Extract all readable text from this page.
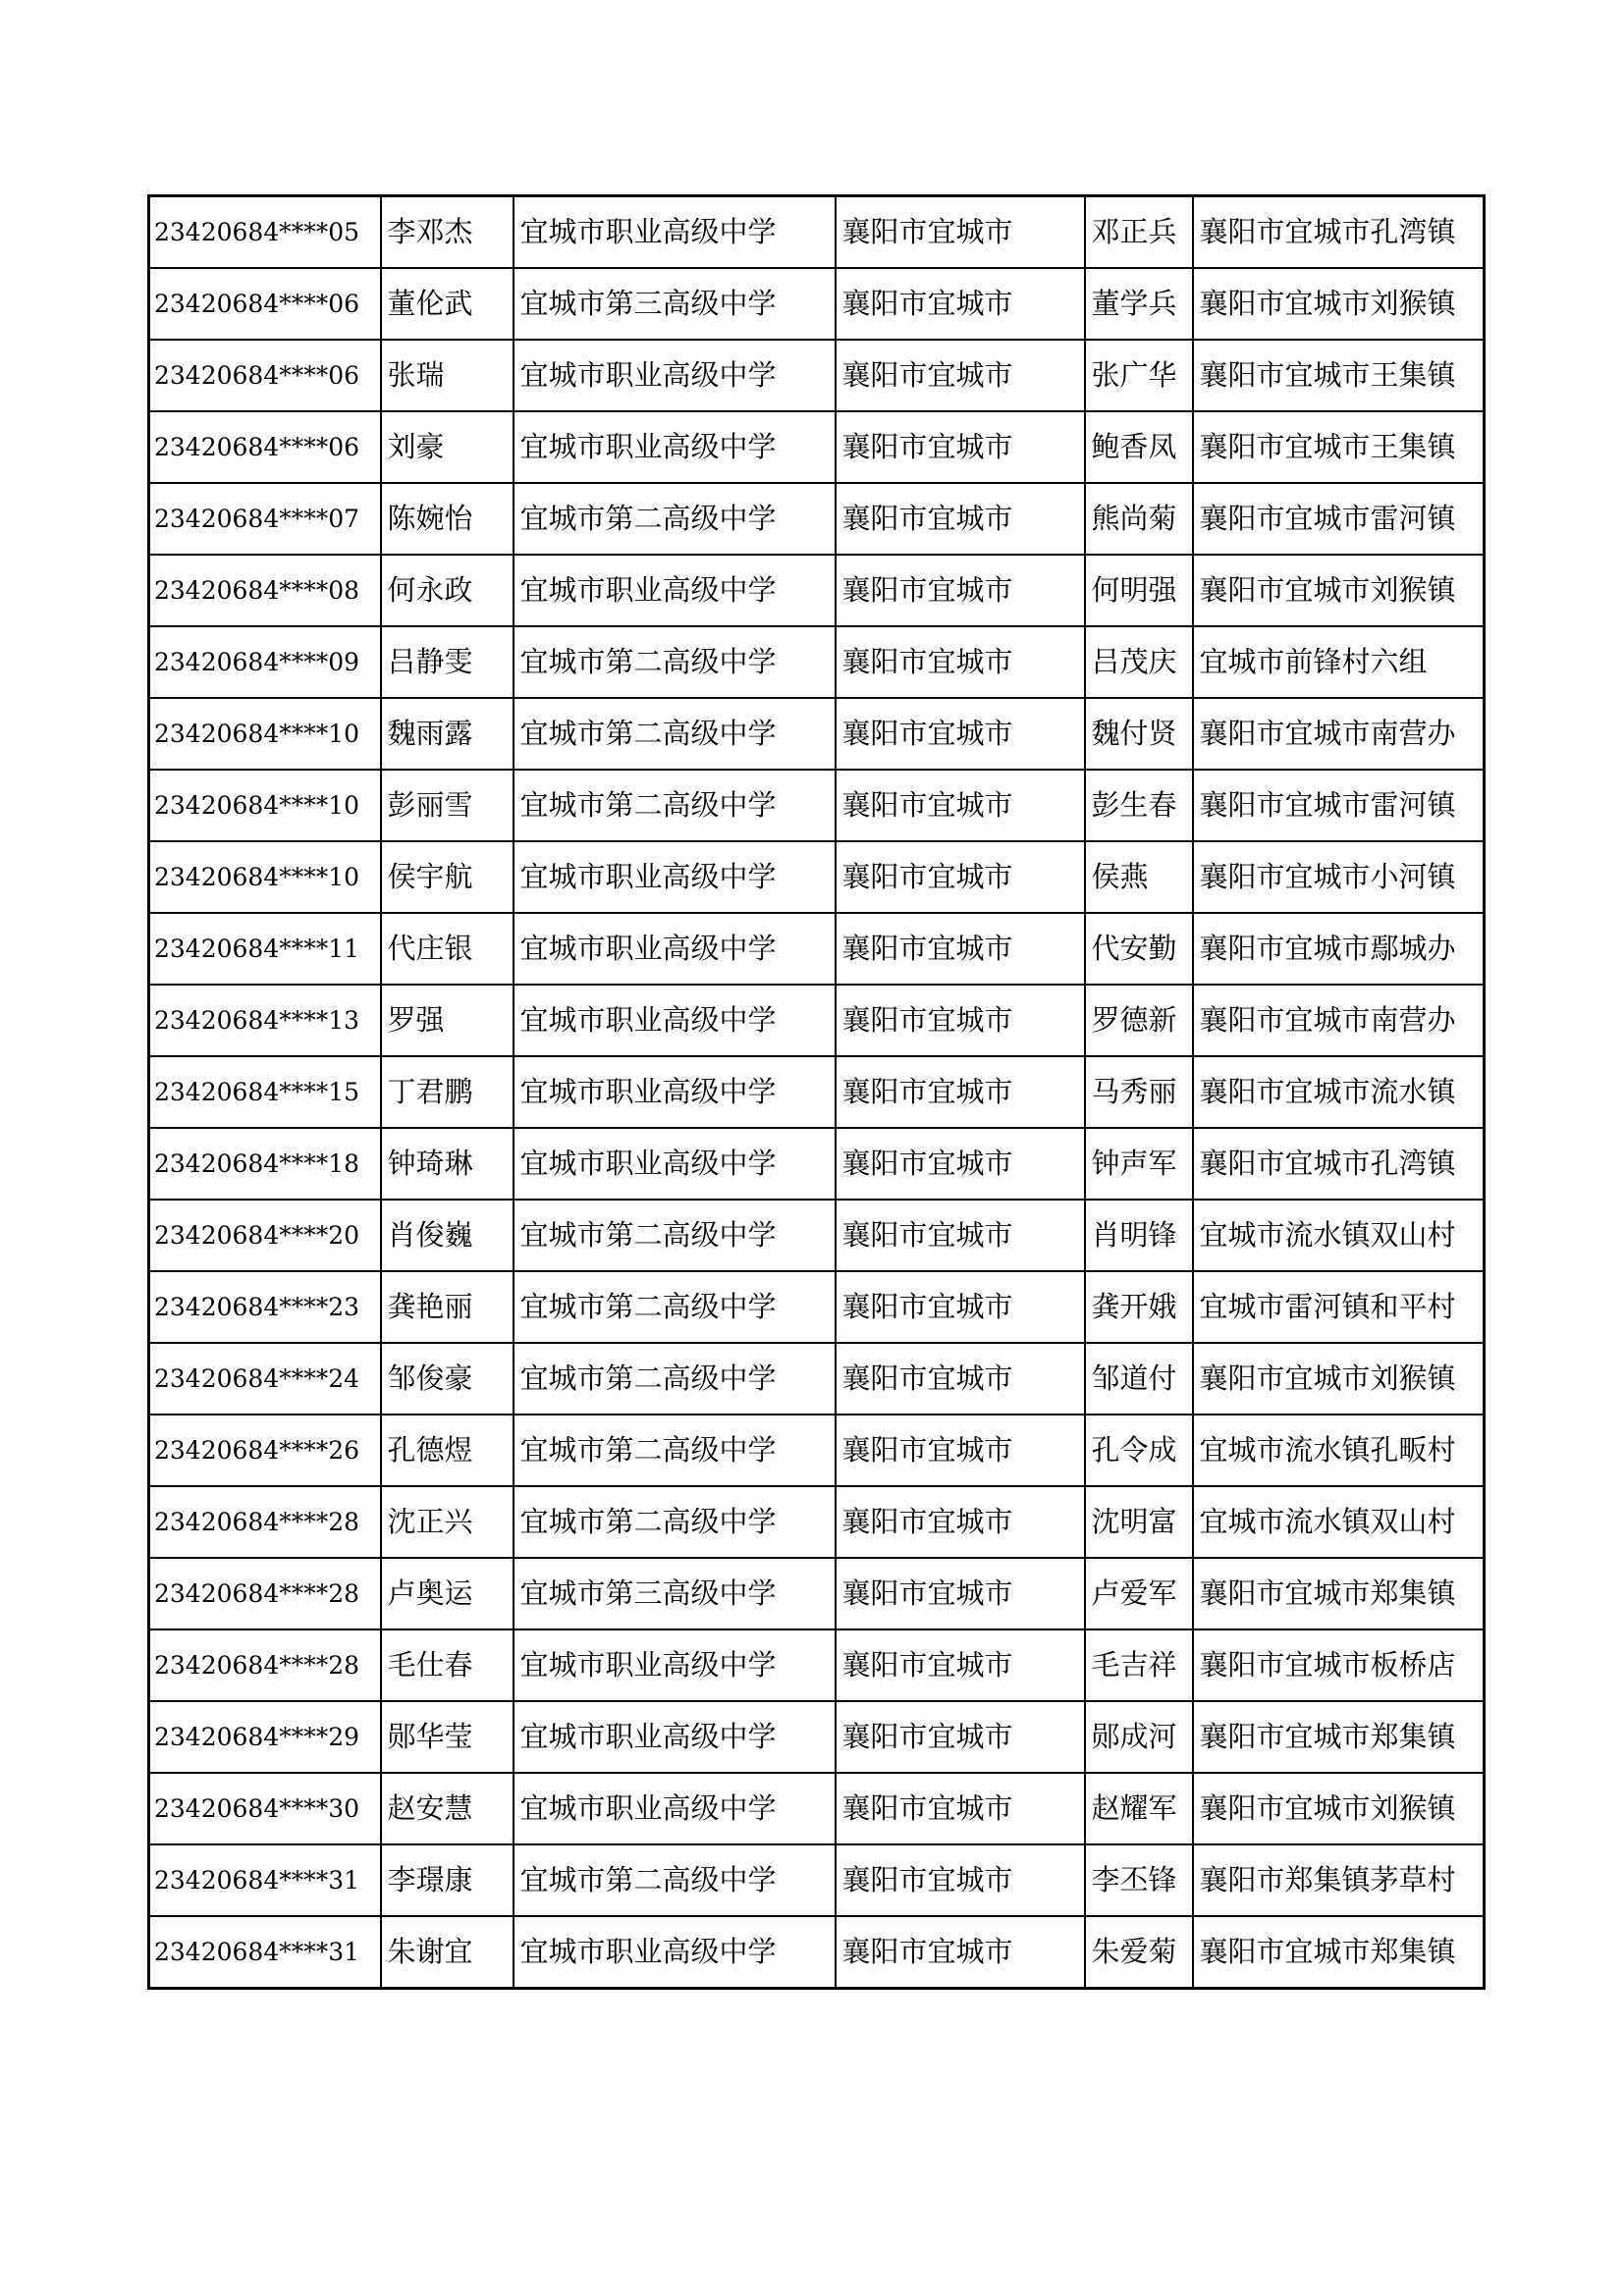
23420684****05	李邓杰	宜城市职业高级中学	襄阳市宜城市	邓正兵	襄阳市宜城市孔湾镇
23420684****06	董伦武	宜城市第三高级中学	襄阳市宜城市	董学兵	襄阳市宜城市刘猴镇
23420684****06	张瑞	宜城市职业高级中学	襄阳市宜城市	张广华	襄阳市宜城市王集镇
23420684****06	刘豪	宜城市职业高级中学	襄阳市宜城市	鲍香凤	襄阳市宜城市王集镇
23420684****07	陈婉怡	宜城市第二高级中学	襄阳市宜城市	熊尚菊	襄阳市宜城市雷河镇
23420684****08	何永政	宜城市职业高级中学	襄阳市宜城市	何明强	襄阳市宜城市刘猴镇
23420684****09	吕静雯	宜城市第二高级中学	襄阳市宜城市	吕茂庆	宜城市前锋村六组
23420684****10	魏雨露	宜城市第二高级中学	襄阳市宜城市	魏付贤	襄阳市宜城市南营办
23420684****10	彭丽雪	宜城市第二高级中学	襄阳市宜城市	彭生春	襄阳市宜城市雷河镇
23420684****10	侯宇航	宜城市职业高级中学	襄阳市宜城市	侯燕	襄阳市宜城市小河镇
23420684****11	代庄银	宜城市职业高级中学	襄阳市宜城市	代安勤	襄阳市宜城市鄢城办
23420684****13	罗强	宜城市职业高级中学	襄阳市宜城市	罗德新	襄阳市宜城市南营办
23420684****15	丁君鹏	宜城市职业高级中学	襄阳市宜城市	马秀丽	襄阳市宜城市流水镇
23420684****18	钟琦琳	宜城市职业高级中学	襄阳市宜城市	钟声军	襄阳市宜城市孔湾镇
23420684****20	肖俊巍	宜城市第二高级中学	襄阳市宜城市	肖明锋	宜城市流水镇双山村
23420684****23	龚艳丽	宜城市第二高级中学	襄阳市宜城市	龚开娥	宜城市雷河镇和平村
23420684****24	邹俊豪	宜城市第二高级中学	襄阳市宜城市	邹道付	襄阳市宜城市刘猴镇
23420684****26	孔德煜	宜城市第二高级中学	襄阳市宜城市	孔令成	宜城市流水镇孔畈村
23420684****28	沈正兴	宜城市第二高级中学	襄阳市宜城市	沈明富	宜城市流水镇双山村
23420684****28	卢奥运	宜城市第三高级中学	襄阳市宜城市	卢爱军	襄阳市宜城市郑集镇
23420684****28	毛仕春	宜城市职业高级中学	襄阳市宜城市	毛吉祥	襄阳市宜城市板桥店
23420684****29	郧华莹	宜城市职业高级中学	襄阳市宜城市	郧成河	襄阳市宜城市郑集镇
23420684****30	赵安慧	宜城市职业高级中学	襄阳市宜城市	赵耀军	襄阳市宜城市刘猴镇
23420684****31	李璟康	宜城市第二高级中学	襄阳市宜城市	李丕锋	襄阳市郑集镇茅草村
23420684****31	朱谢宜	宜城市职业高级中学	襄阳市宜城市	朱爱菊	襄阳市宜城市郑集镇
